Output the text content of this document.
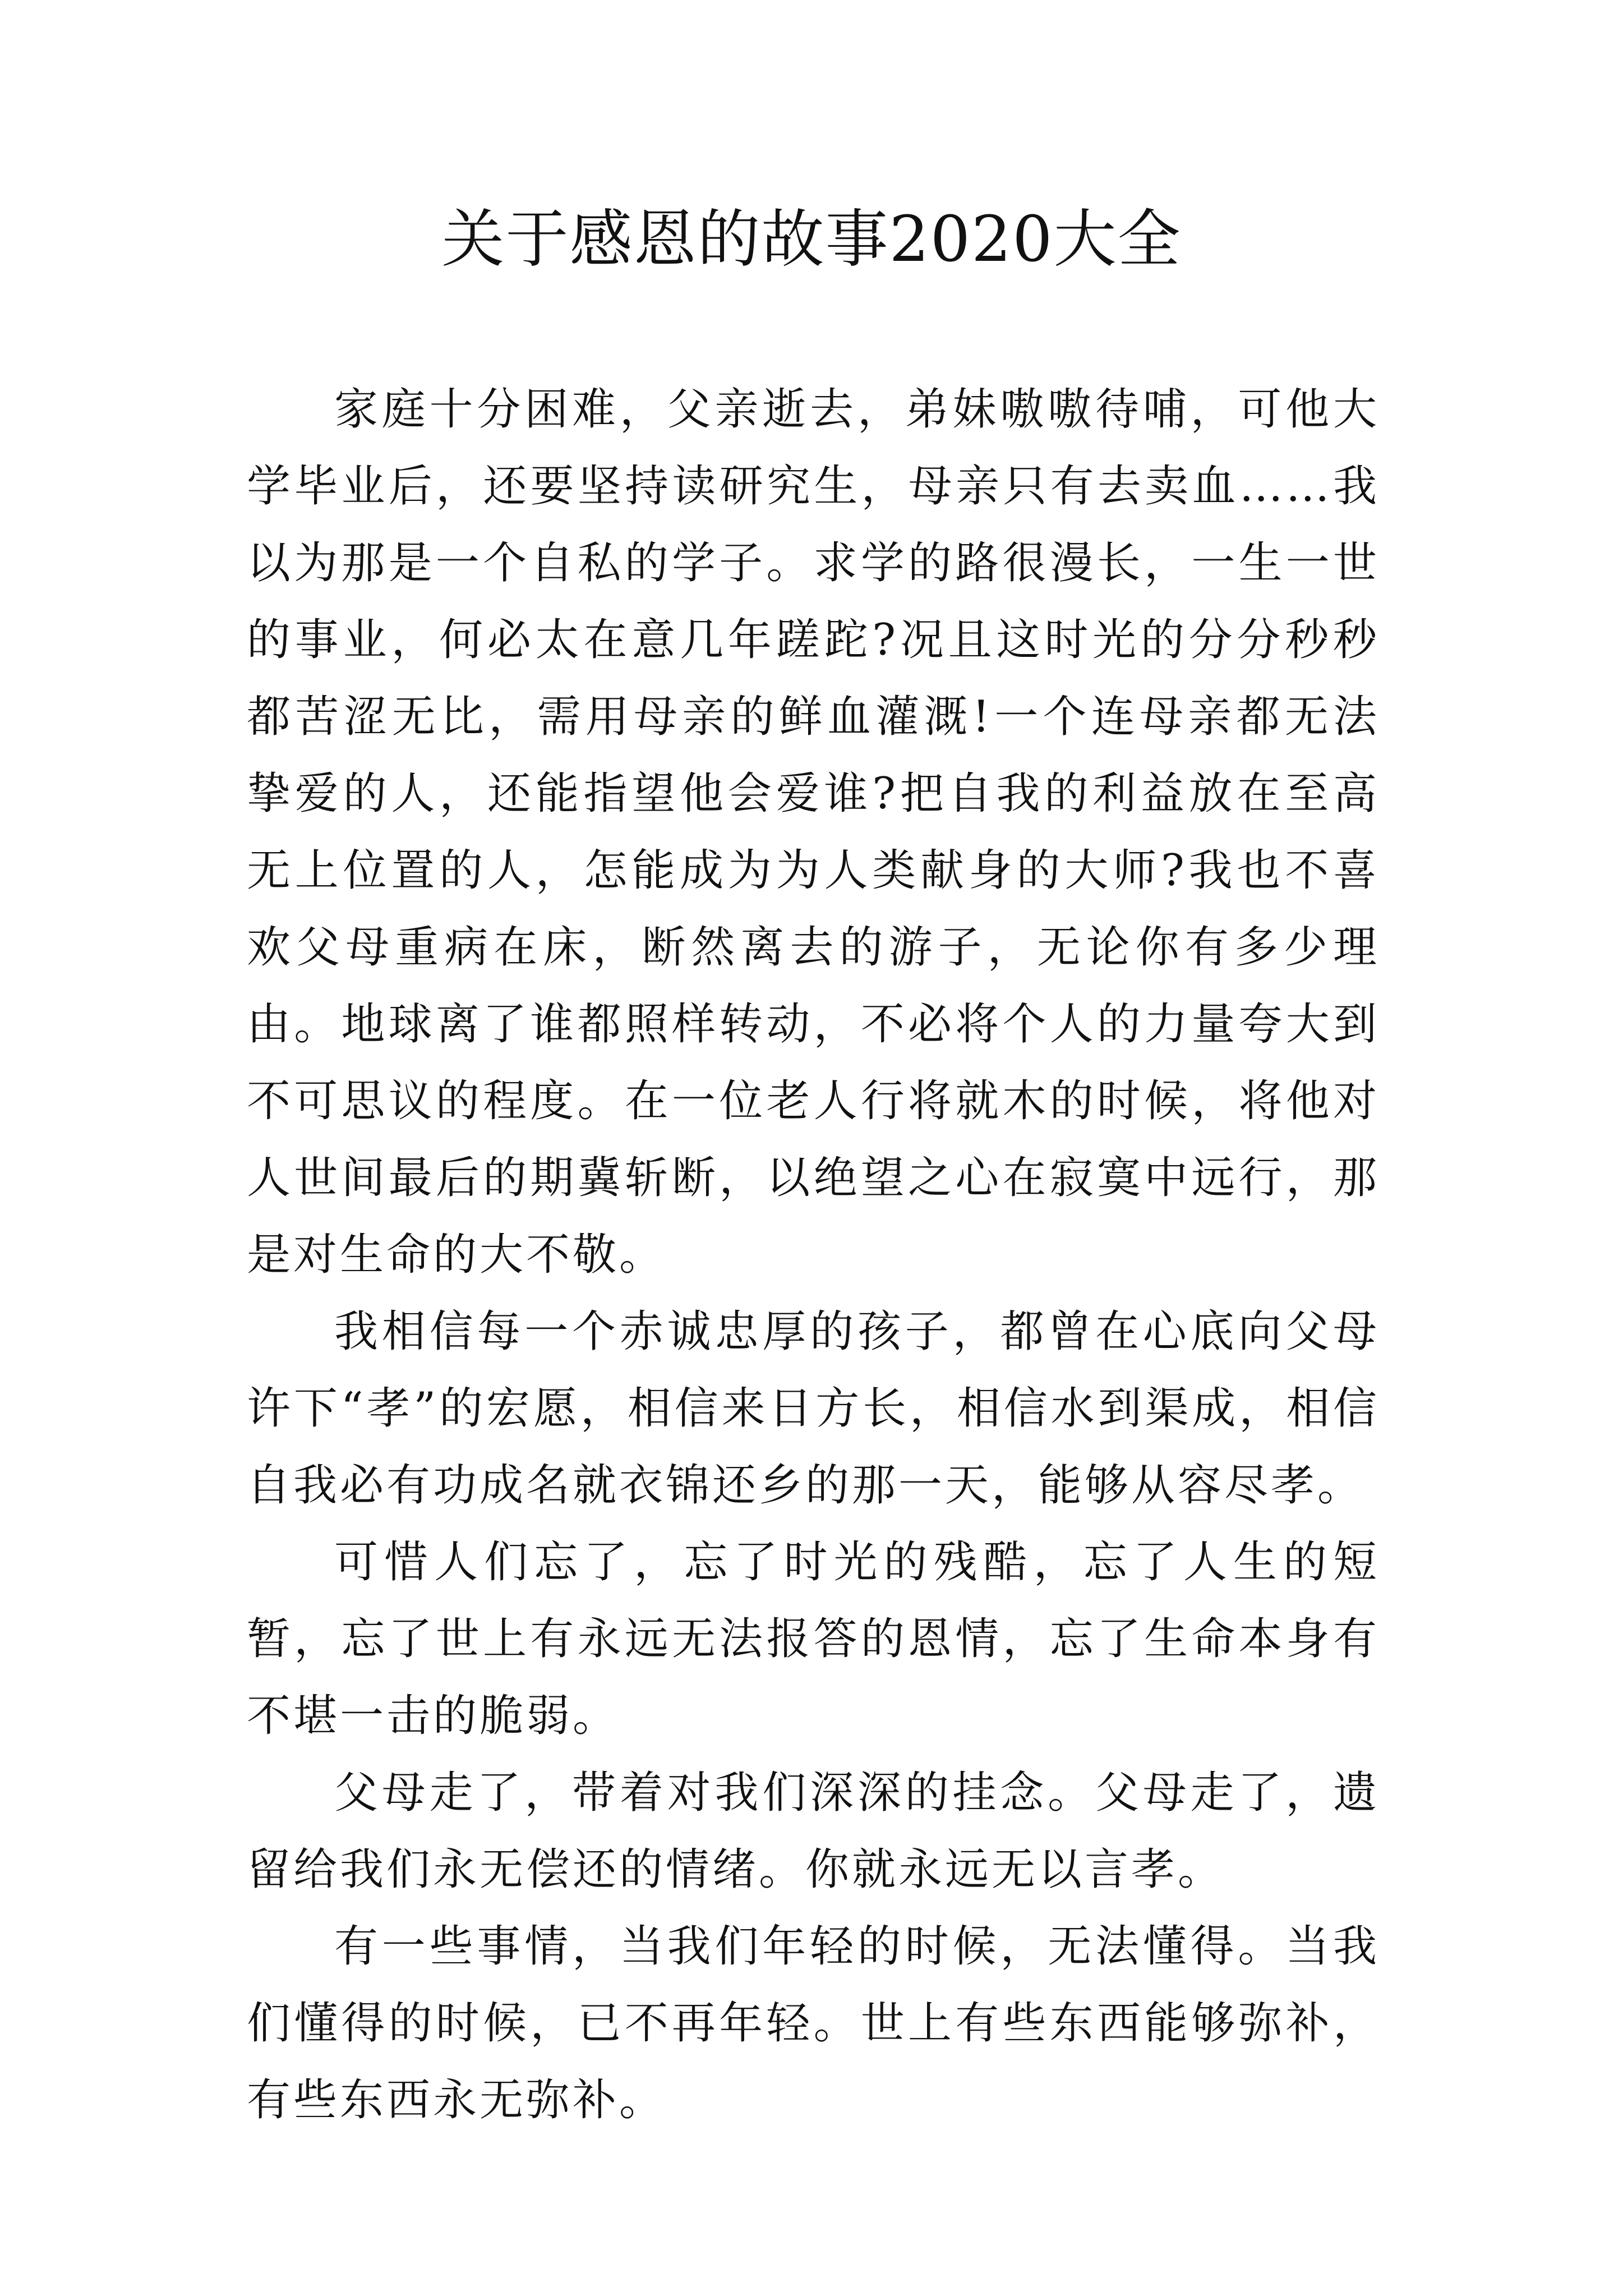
关于感恩的故事2020大全

家庭十分困难，父亲逝去，弟妹嗷嗷待哺，可他大学毕业后，还要坚持读研究生，母亲只有去卖血……我以为那是一个自私的学子。求学的路很漫长，一生一世的事业，何必太在意几年蹉跎?况且这时光的分分秒秒都苦涩无比，需用母亲的鲜血灌溉!一个连母亲都无法挚爱的人，还能指望他会爱谁?把自我的利益放在至高无上位置的人，怎能成为为人类献身的大师?我也不喜欢父母重病在床，断然离去的游子，无论你有多少理由。地球离了谁都照样转动，不必将个人的力量夸大到不可思议的程度。在一位老人行将就木的时候，将他对人世间最后的期冀斩断，以绝望之心在寂寞中远行，那是对生命的大不敬。

我相信每一个赤诚忠厚的孩子，都曾在心底向父母许下“孝”的宏愿，相信来日方长，相信水到渠成，相信自我必有功成名就衣锦还乡的那一天，能够从容尽孝。

可惜人们忘了，忘了时光的残酷，忘了人生的短暂，忘了世上有永远无法报答的恩情，忘了生命本身有不堪一击的脆弱。

父母走了，带着对我们深深的挂念。父母走了，遗留给我们永无偿还的情绪。你就永远无以言孝。

有一些事情，当我们年轻的时候，无法懂得。当我们懂得的时候，已不再年轻。世上有些东西能够弥补，有些东西永无弥补。
